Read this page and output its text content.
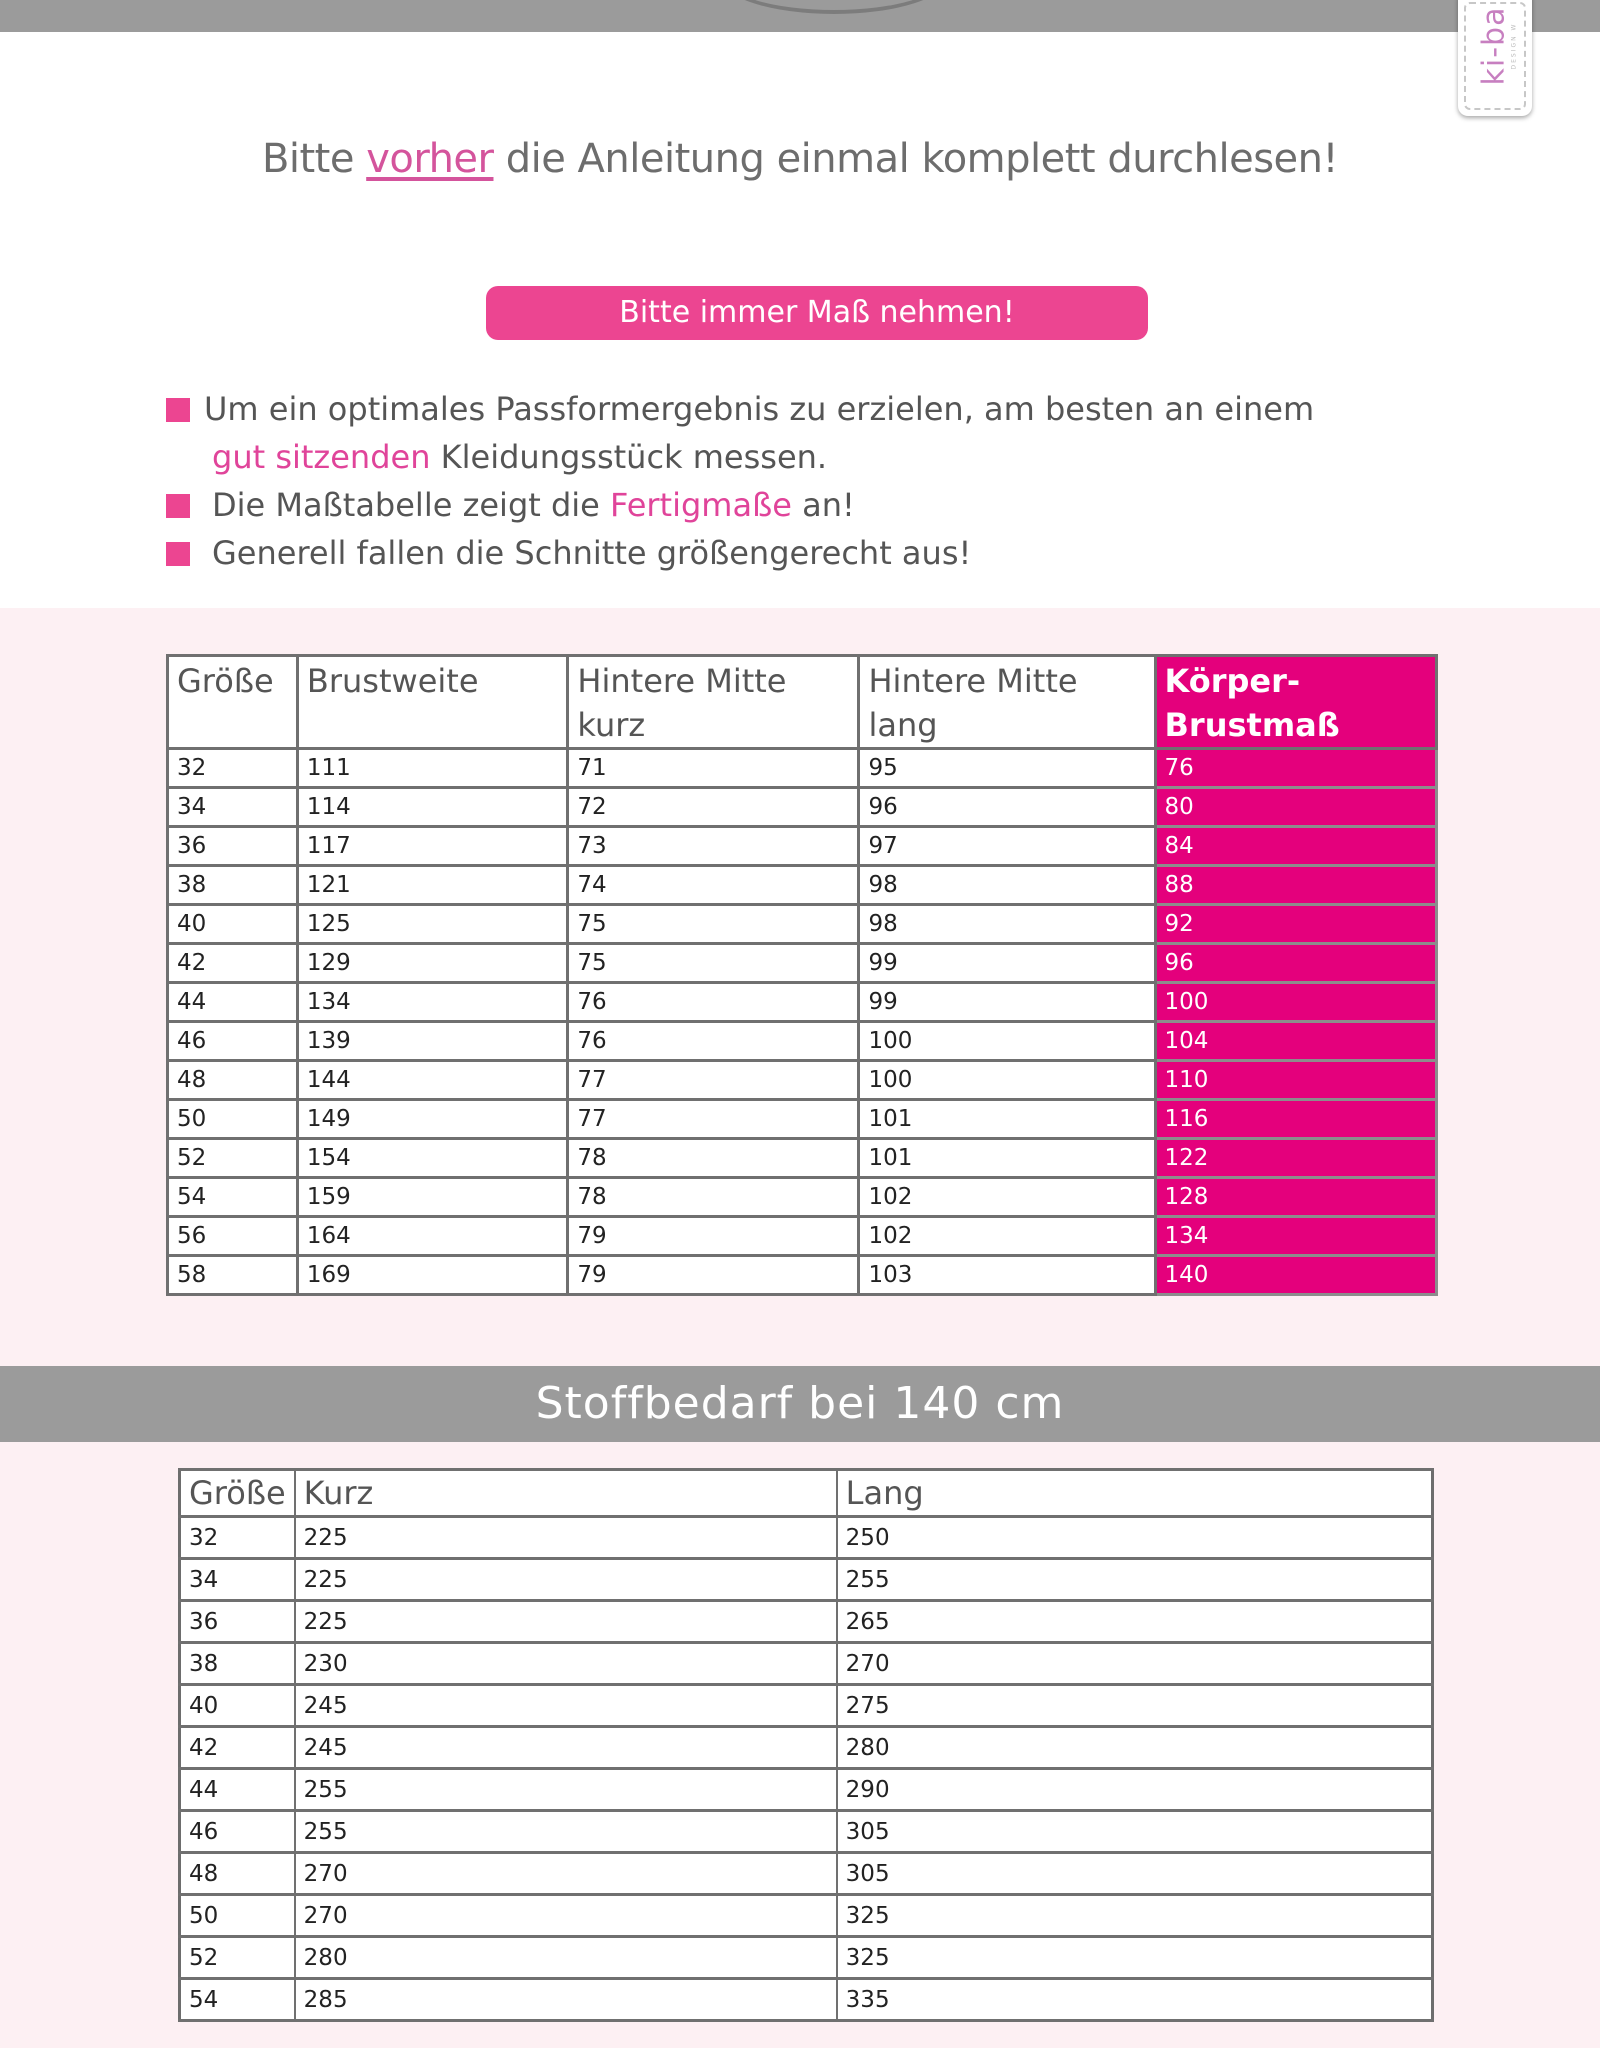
ki-ba DESIGN W
Bitte vorher die Anleitung einmal komplett durchlesen!
Bitte immer Maß nehmen!
Um ein optimales Passformergebnis zu erzielen, am besten an einem
gut sitzenden Kleidungsstück messen.
Die Maßtabelle zeigt die Fertigmaße an!
Generell fallen die Schnitte größengerecht aus!
Größe	Brustweite	Hintere Mitte kurz	Hintere Mitte lang	Körper- Brustmaß
32	111	71	95	76
34	114	72	96	80
36	117	73	97	84
38	121	74	98	88
40	125	75	98	92
42	129	75	99	96
44	134	76	99	100
46	139	76	100	104
48	144	77	100	110
50	149	77	101	116
52	154	78	101	122
54	159	78	102	128
56	164	79	102	134
58	169	79	103	140
Stoffbedarf bei 140 cm
Größe	Kurz	Lang
32	225	250
34	225	255
36	225	265
38	230	270
40	245	275
42	245	280
44	255	290
46	255	305
48	270	305
50	270	325
52	280	325
54	285	335
